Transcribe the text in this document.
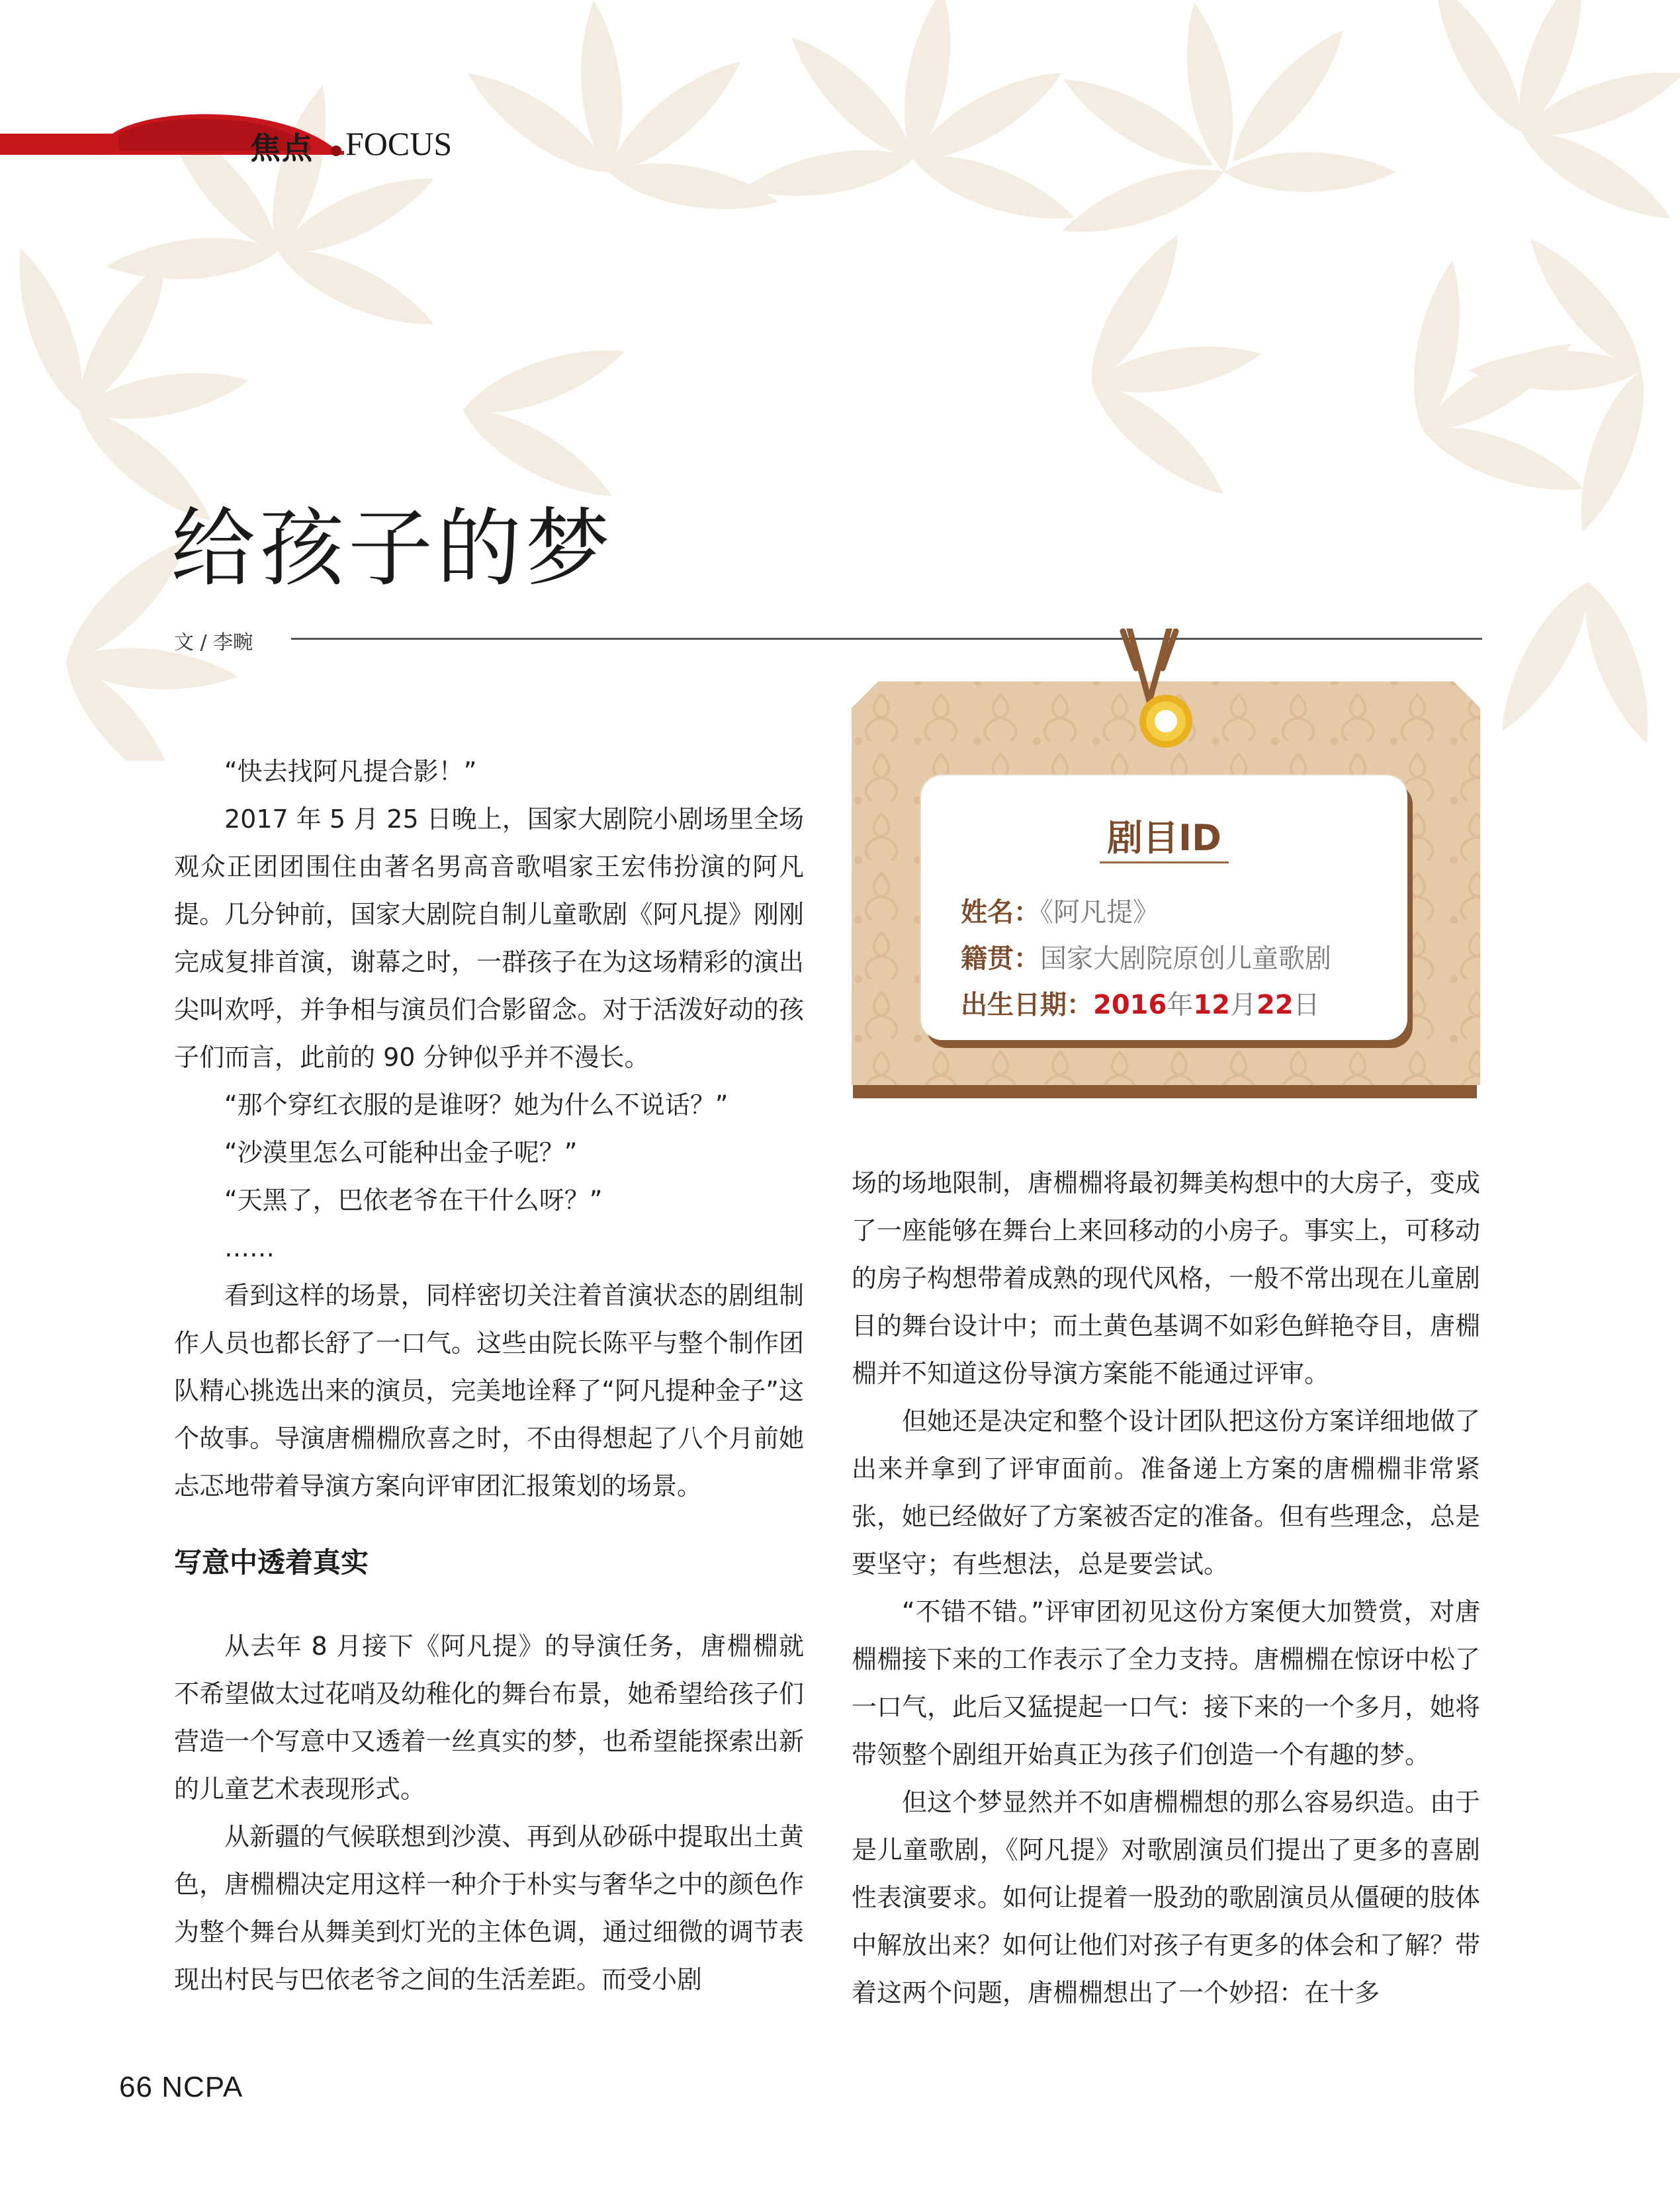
焦点 FOCUS
给孩子的梦
文 / 李畹
剧目ID
姓名：《阿凡提》
籍贯：国家大剧院原创儿童歌剧
出生日期：2016年12月22日

“快去找阿凡提合影！”

2017 年 5 月 25 日晚上，国家大剧院小剧场里全场观众正团团围住由著名男高音歌唱家王宏伟扮演的阿凡提。几分钟前，国家大剧院自制儿童歌剧《阿凡提》刚刚完成复排首演，谢幕之时，一群孩子在为这场精彩的演出尖叫欢呼，并争相与演员们合影留念。对于活泼好动的孩子们而言，此前的 90 分钟似乎并不漫长。

“那个穿红衣服的是谁呀？她为什么不说话？”

“沙漠里怎么可能种出金子呢？”

“天黑了，巴依老爷在干什么呀？”

……

看到这样的场景，同样密切关注着首演状态的剧组制作人员也都长舒了一口气。这些由院长陈平与整个制作团队精心挑选出来的演员，完美地诠释了“阿凡提种金子”这个故事。导演唐棩棩欣喜之时，不由得想起了八个月前她忐忑地带着导演方案向评审团汇报策划的场景。

写意中透着真实

从去年 8 月接下《阿凡提》的导演任务，唐棩棩就不希望做太过花哨及幼稚化的舞台布景，她希望给孩子们营造一个写意中又透着一丝真实的梦，也希望能探索出新的儿童艺术表现形式。

从新疆的气候联想到沙漠、再到从砂砾中提取出土黄色，唐棩棩决定用这样一种介于朴实与奢华之中的颜色作为整个舞台从舞美到灯光的主体色调，通过细微的调节表现出村民与巴依老爷之间的生活差距。而受小剧

场的场地限制，唐棩棩将最初舞美构想中的大房子，变成了一座能够在舞台上来回移动的小房子。事实上，可移动的房子构想带着成熟的现代风格，一般不常出现在儿童剧目的舞台设计中；而土黄色基调不如彩色鲜艳夺目，唐棩棩并不知道这份导演方案能不能通过评审。

但她还是决定和整个设计团队把这份方案详细地做了出来并拿到了评审面前。准备递上方案的唐棩棩非常紧张，她已经做好了方案被否定的准备。但有些理念，总是要坚守；有些想法，总是要尝试。

“不错不错。”评审团初见这份方案便大加赞赏，对唐棩棩接下来的工作表示了全力支持。唐棩棩在惊讶中松了一口气，此后又猛提起一口气：接下来的一个多月，她将带领整个剧组开始真正为孩子们创造一个有趣的梦。

但这个梦显然并不如唐棩棩想的那么容易织造。由于是儿童歌剧，《阿凡提》对歌剧演员们提出了更多的喜剧性表演要求。如何让提着一股劲的歌剧演员从僵硬的肢体中解放出来？如何让他们对孩子有更多的体会和了解？带着这两个问题，唐棩棩想出了一个妙招：在十多

66 NCPA
